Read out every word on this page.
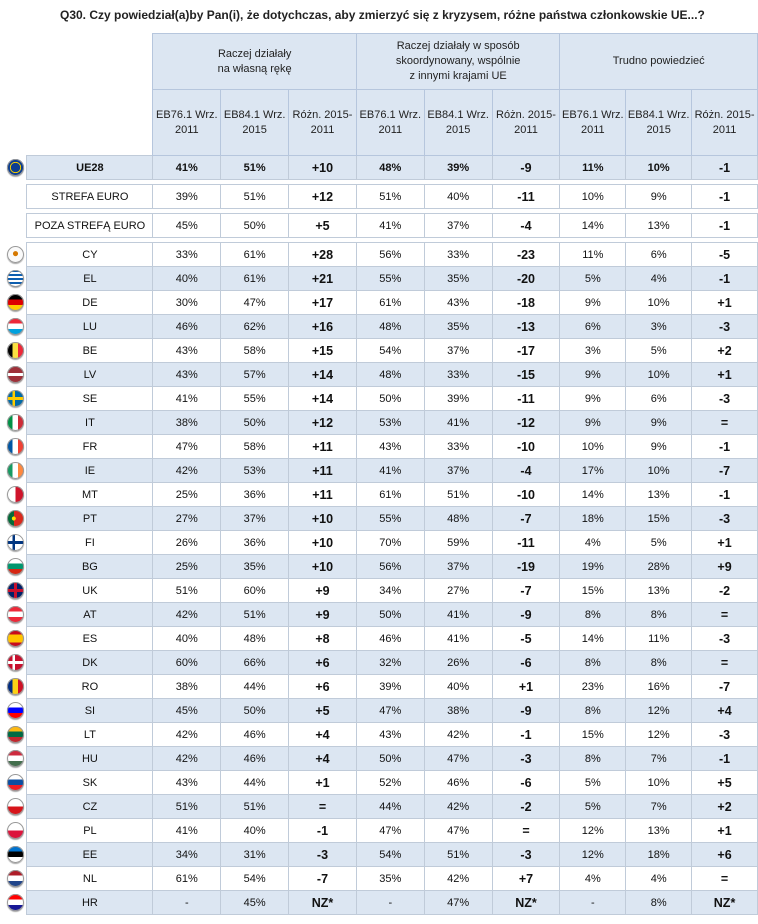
Q30. Czy powiedział(a)by Pan(i), że dotychczas, aby zmierzyć się z kryzysem, różne państwa członkowskie UE...?
		Raczej działały
na własną rękę			Raczej działały w sposób
skoordynowany, wspólnie
z innymi krajami UE			Trudno powiedzieć		
		EB76.1 Wrz. 2011	EB84.1 Wrz. 2015	Różn. 2015- 2011	EB76.1 Wrz. 2011	EB84.1 Wrz. 2015	Różn. 2015- 2011	EB76.1 Wrz. 2011	EB84.1 Wrz. 2015	Różn. 2015- 2011
	UE28	41%	51%	+10	48%	39%	-9	11%	10%	-1

	STREFA EURO	39%	51%	+12	51%	40%	-11	10%	9%	-1

	POZA STREFĄ EURO	45%	50%	+5	41%	37%	-4	14%	13%	-1

	CY	33%	61%	+28	56%	33%	-23	11%	6%	-5
	EL	40%	61%	+21	55%	35%	-20	5%	4%	-1
	DE	30%	47%	+17	61%	43%	-18	9%	10%	+1
	LU	46%	62%	+16	48%	35%	-13	6%	3%	-3
	BE	43%	58%	+15	54%	37%	-17	3%	5%	+2
	LV	43%	57%	+14	48%	33%	-15	9%	10%	+1
	SE	41%	55%	+14	50%	39%	-11	9%	6%	-3
	IT	38%	50%	+12	53%	41%	-12	9%	9%	=
	FR	47%	58%	+11	43%	33%	-10	10%	9%	-1
	IE	42%	53%	+11	41%	37%	-4	17%	10%	-7
	MT	25%	36%	+11	61%	51%	-10	14%	13%	-1
	PT	27%	37%	+10	55%	48%	-7	18%	15%	-3
	FI	26%	36%	+10	70%	59%	-11	4%	5%	+1
	BG	25%	35%	+10	56%	37%	-19	19%	28%	+9
	UK	51%	60%	+9	34%	27%	-7	15%	13%	-2
	AT	42%	51%	+9	50%	41%	-9	8%	8%	=
	ES	40%	48%	+8	46%	41%	-5	14%	11%	-3
	DK	60%	66%	+6	32%	26%	-6	8%	8%	=
	RO	38%	44%	+6	39%	40%	+1	23%	16%	-7
	SI	45%	50%	+5	47%	38%	-9	8%	12%	+4
	LT	42%	46%	+4	43%	42%	-1	15%	12%	-3
	HU	42%	46%	+4	50%	47%	-3	8%	7%	-1
	SK	43%	44%	+1	52%	46%	-6	5%	10%	+5
	CZ	51%	51%	=	44%	42%	-2	5%	7%	+2
	PL	41%	40%	-1	47%	47%	=	12%	13%	+1
	EE	34%	31%	-3	54%	51%	-3	12%	18%	+6
	NL	61%	54%	-7	35%	42%	+7	4%	4%	=
	HR	-	45%	NZ*	-	47%	NZ*	-	8%	NZ*
